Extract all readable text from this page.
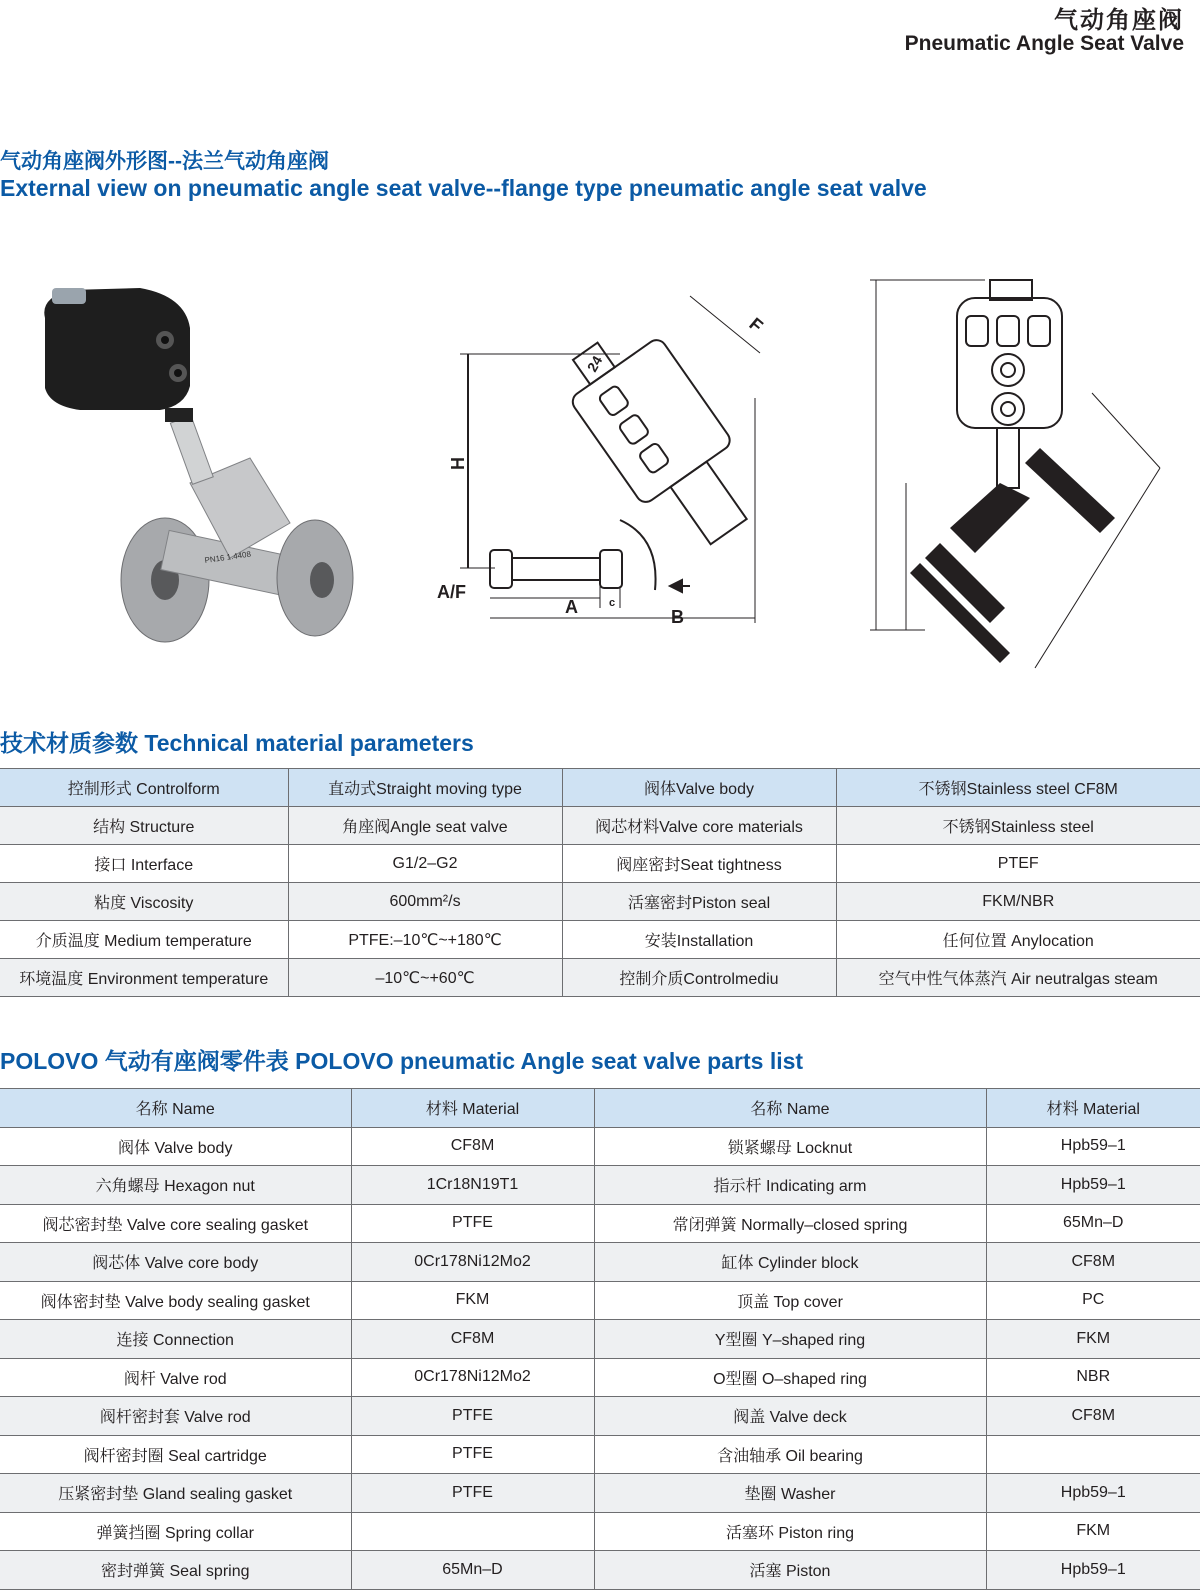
气动角座阀
Pneumatic Angle Seat Valve
气动角座阀外形图--法兰气动角座阀
External view on pneumatic angle seat valve--flange type pneumatic angle seat valve
PN16 1.4408
F
24
H
A/F
A	c
B
技术材质参数 Technical material parameters
控制形式 Controlform	直动式Straight moving type	阀体Valve body	不锈钢Stainless steel CF8M
结构 Structure	角座阀Angle seat valve	阀芯材料Valve core materials	不锈钢Stainless steel
接口 Interface	G1/2–G2	阀座密封Seat tightness	PTEF
粘度 Viscosity	600mm²/s	活塞密封Piston seal	FKM/NBR
介质温度 Medium temperature	PTFE:–10℃~+180℃	安装Installation	任何位置 Anylocation
环境温度 Environment temperature	–10℃~+60℃	控制介质Controlmediu	空气中性气体蒸汽 Air neutralgas steam
POLOVO 气动有座阀零件表 POLOVO pneumatic Angle seat valve parts list
名称 Name	材料 Material	名称 Name	材料 Material
阀体 Valve body	CF8M	锁紧螺母 Locknut	Hpb59–1
六角螺母 Hexagon nut	1Cr18N19T1	指示杆 Indicating arm	Hpb59–1
阀芯密封垫 Valve core sealing gasket	PTFE	常闭弹簧 Normally–closed spring	65Mn–D
阀芯体 Valve core body	0Cr178Ni12Mo2	缸体 Cylinder block	CF8M
阀体密封垫 Valve body sealing gasket	FKM	顶盖 Top cover	PC
连接 Connection	CF8M	Y型圈 Y–shaped ring	FKM
阀杆 Valve rod	0Cr178Ni12Mo2	O型圈 O–shaped ring	NBR
阀杆密封套 Valve rod	PTFE	阀盖 Valve deck	CF8M
阀杆密封圈 Seal cartridge	PTFE	含油轴承 Oil bearing	
压紧密封垫 Gland sealing gasket	PTFE	垫圈 Washer	Hpb59–1
弹簧挡圈 Spring collar		活塞环 Piston ring	FKM
密封弹簧 Seal spring	65Mn–D	活塞 Piston	Hpb59–1
